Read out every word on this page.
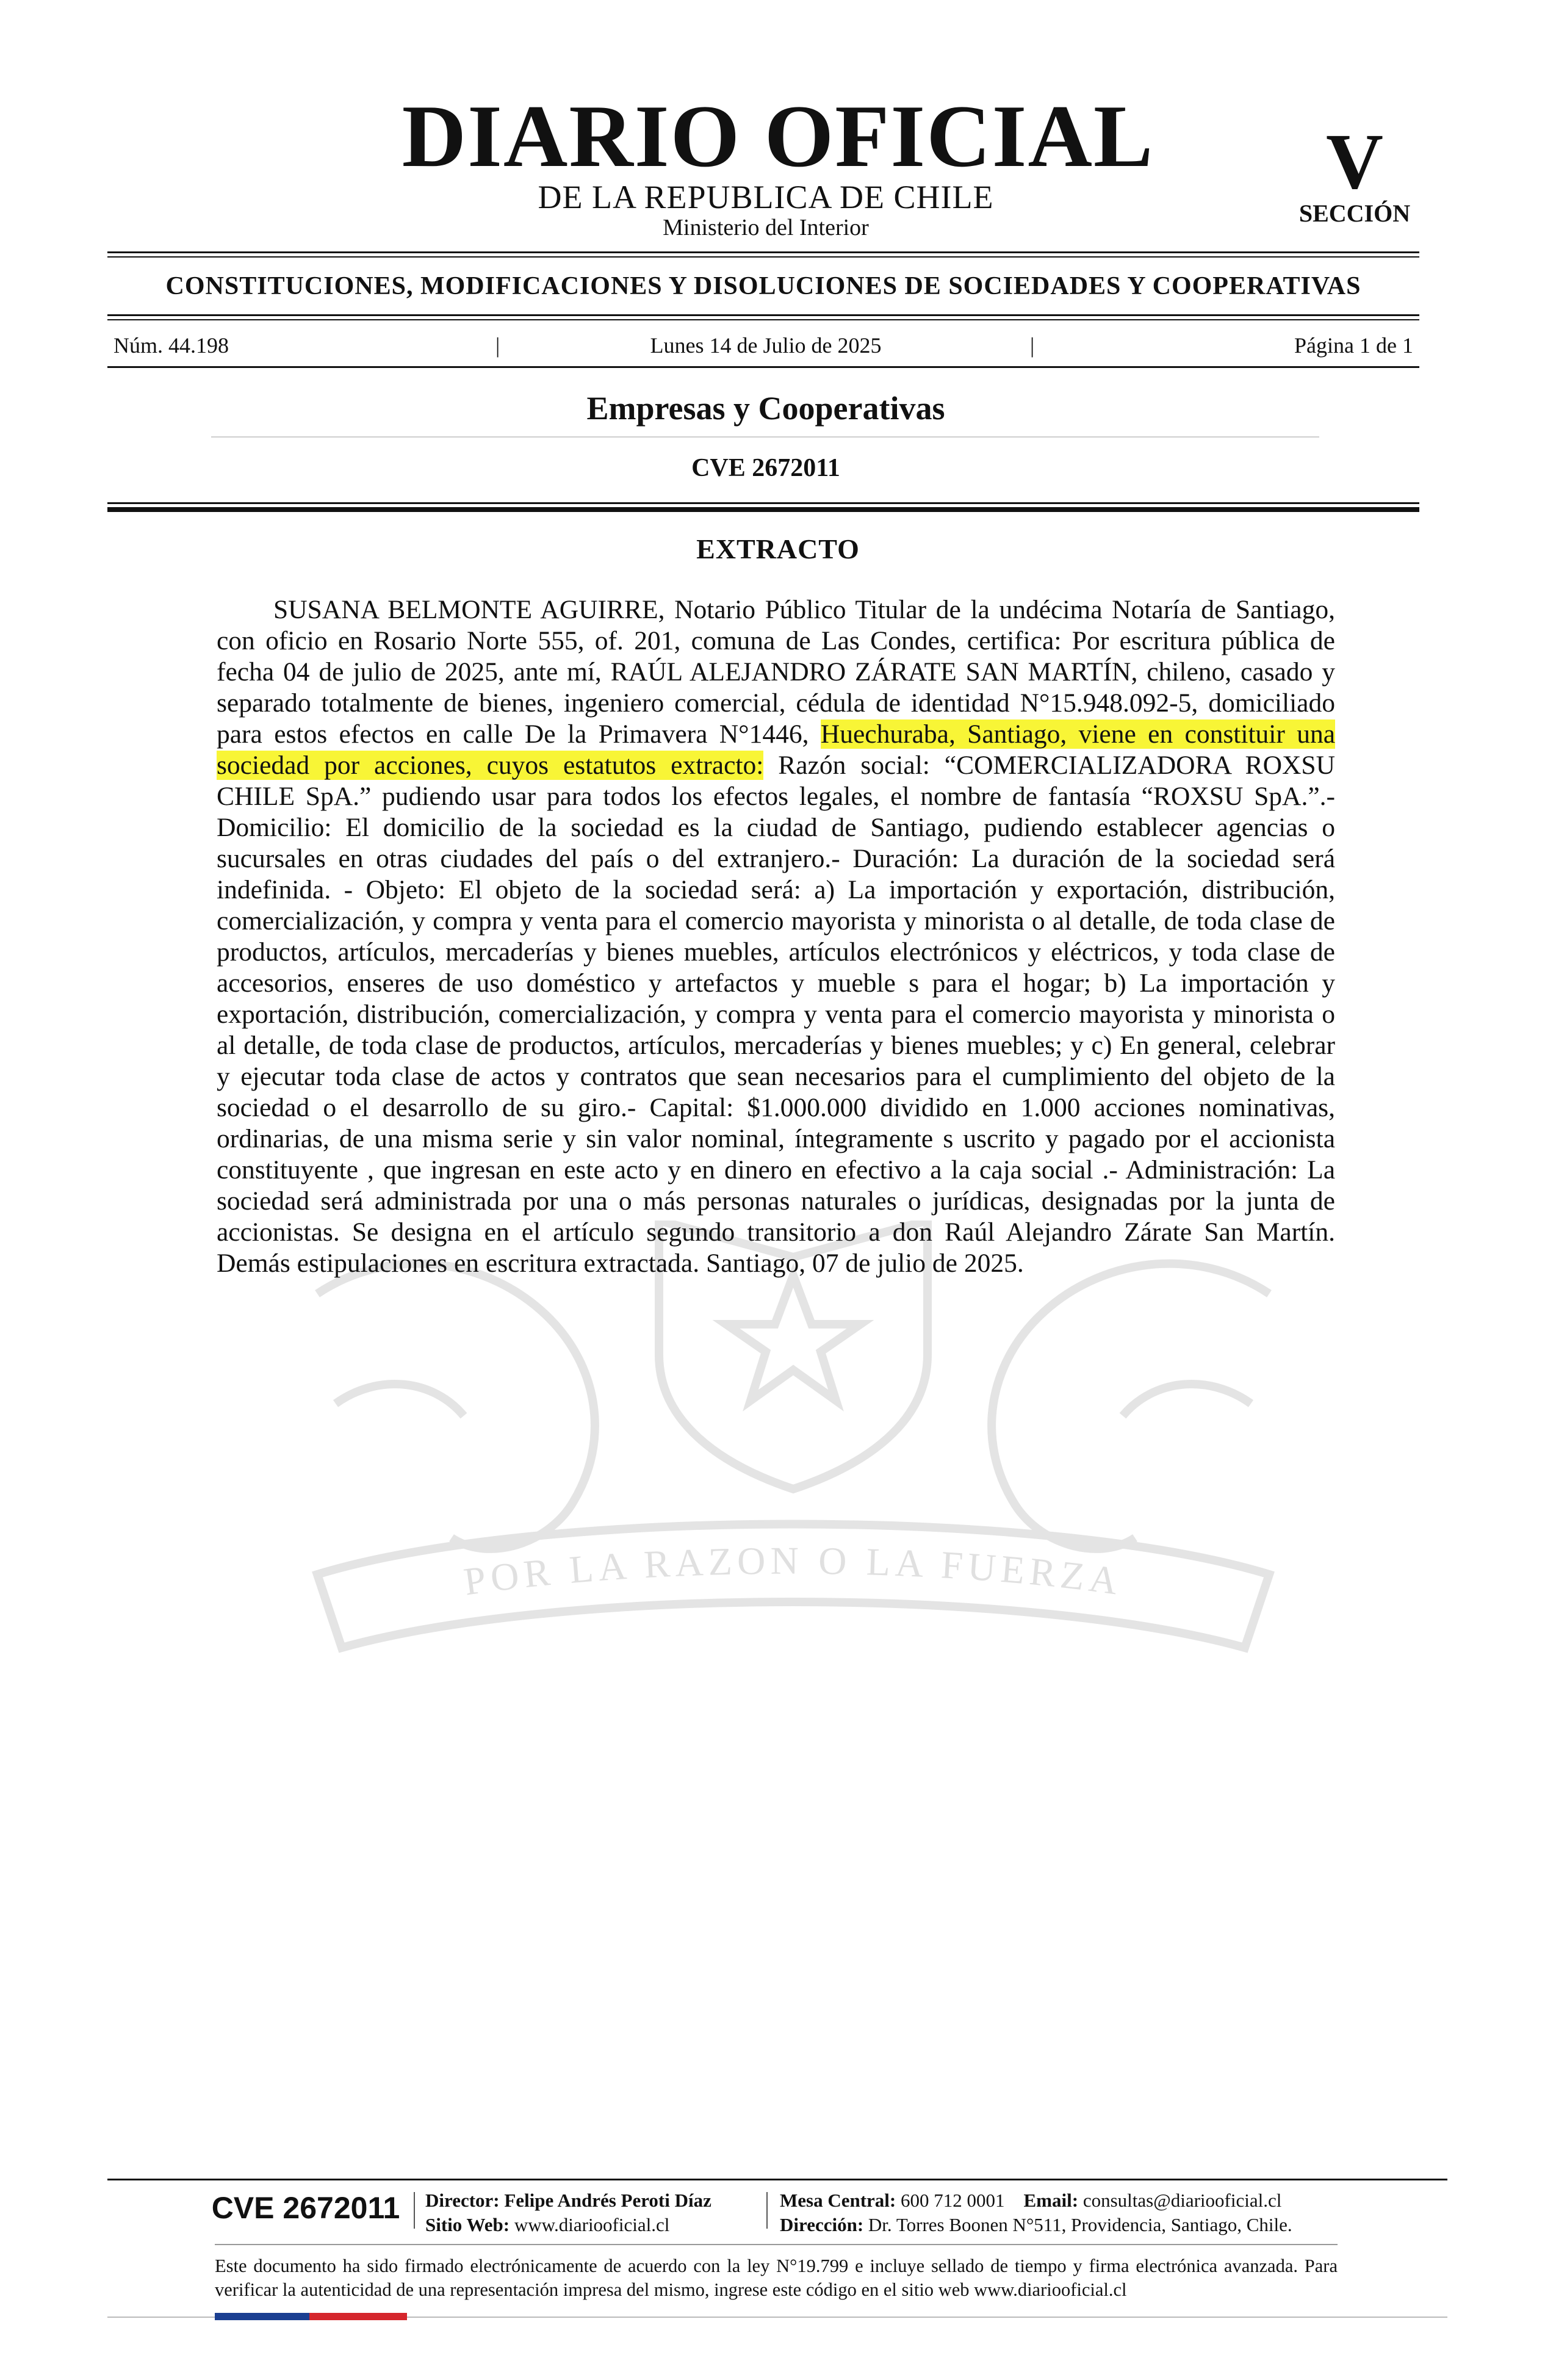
DIARIO OFICIAL
DE LA REPUBLICA DE CHILE
Ministerio del Interior
V
SECCIÓN
CONSTITUCIONES, MODIFICACIONES Y DISOLUCIONES DE SOCIEDADES Y COOPERATIVAS
Núm. 44.198	|	Lunes 14 de Julio de 2025	|	Página 1 de 1
Empresas y Cooperativas
CVE 2672011
EXTRACTO
POR LA RAZON O LA FUERZA

SUSANA BELMONTE AGUIRRE, Notario Público Titular de la undécima Notaría de Santiago, con oficio en Rosario Norte 555, of. 201, comuna de Las Condes, certifica: Por escritura pública de fecha 04 de julio de 2025, ante mí, RAÚL ALEJANDRO ZÁRATE SAN MARTÍN, chileno, casado y separado totalmente de bienes, ingeniero comercial, cédula de identidad N°15.948.092-5, domiciliado para estos efectos en calle De la Primavera N°1446, Huechuraba, Santiago, viene en constituir una sociedad por acciones, cuyos estatutos extracto: Razón social: “COMERCIALIZADORA ROXSU CHILE SpA.” pudiendo usar para todos los efectos legales, el nombre de fantasía “ROXSU SpA.”.- Domicilio: El domicilio de la sociedad es la ciudad de Santiago, pudiendo establecer agencias o sucursales en otras ciudades del país o del extranjero.- Duración: La duración de la sociedad será indefinida. - Objeto: El objeto de la sociedad será: a) La importación y exportación, distribución, comercialización, y compra y venta para el comercio mayorista y minorista o al detalle, de toda clase de productos, artículos, mercaderías y bienes muebles, artículos electrónicos y eléctricos, y toda clase de accesorios, enseres de uso doméstico y artefactos y mueble s para el hogar; b) La importación y exportación, distribución, comercialización, y compra y venta para el comercio mayorista y minorista o al detalle, de toda clase de productos, artículos, mercaderías y bienes muebles; y c) En general, celebrar y ejecutar toda clase de actos y contratos que sean necesarios para el cumplimiento del objeto de la sociedad o el desarrollo de su giro.- Capital: $1.000.000 dividido en 1.000 acciones nominativas, ordinarias, de una misma serie y sin valor nominal, íntegramente s uscrito y pagado por el accionista constituyente , que ingresan en este acto y en dinero en efectivo a la caja social .- Administración: La sociedad será administrada por una o más personas naturales o jurídicas, designadas por la junta de accionistas. Se designa en el artículo segundo transitorio a don Raúl Alejandro Zárate San Martín. Demás estipulaciones en escritura extractada. Santiago, 07 de julio de 2025.

CVE 2672011	Director: Felipe Andrés Peroti Díaz
Sitio Web: www.diariooficial.cl
Mesa Central: 600 712 0001 Email: consultas@diariooficial.cl
Dirección: Dr. Torres Boonen N°511, Providencia, Santiago, Chile.
Este documento ha sido firmado electrónicamente de acuerdo con la ley N°19.799 e incluye sellado de tiempo y firma electrónica avanzada. Para verificar la autenticidad de una representación impresa del mismo, ingrese este código en el sitio web www.diariooficial.cl
